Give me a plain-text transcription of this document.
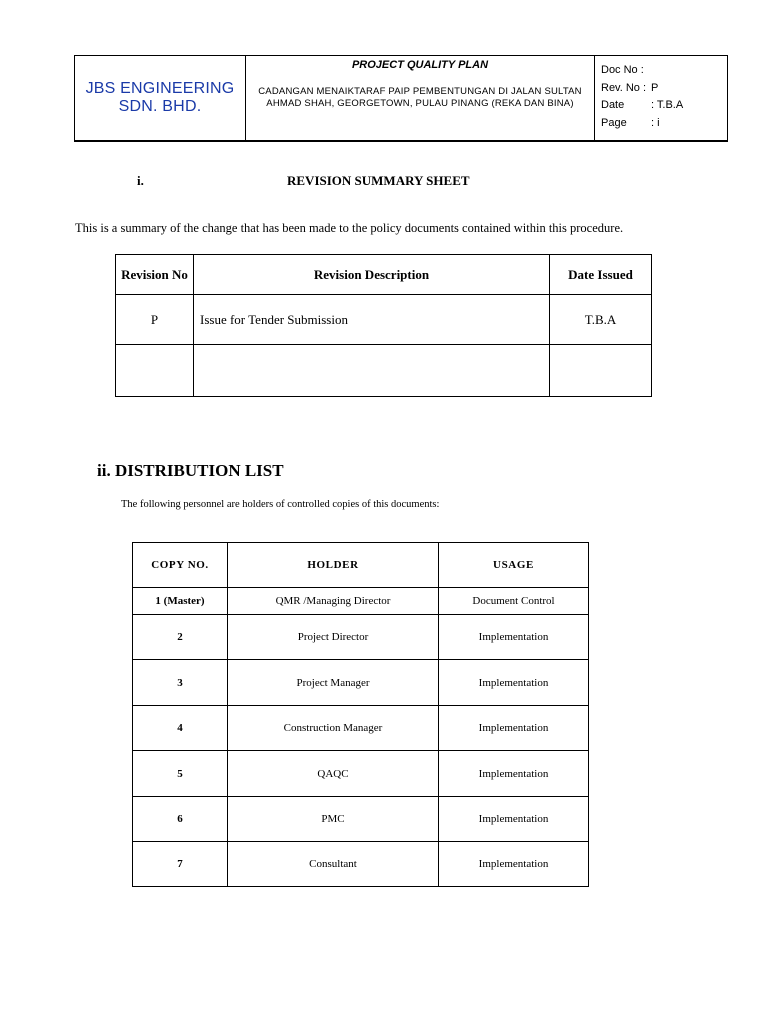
JBS ENGINEERING
SDN. BHD.
PROJECT QUALITY PLAN
CADANGAN MENAIKTARAF PAIP PEMBENTUNGAN DI JALAN SULTAN AHMAD SHAH, GEORGETOWN, PULAU PINANG (REKA DAN BINA)
Doc No :
Rev. No : P
Date	: T.B.A
Page	: i
i.	REVISION SUMMARY SHEET
This is a summary of the change that has been made to the policy documents contained within this procedure.
Revision No	Revision Description	Date Issued
P	Issue for Tender Submission	T.B.A

ii. DISTRIBUTION LIST
The following personnel are holders of controlled copies of this documents:
COPY NO.	HOLDER	USAGE
1 (Master)	QMR /Managing Director	Document Control
2	Project Director	Implementation
3	Project Manager	Implementation
4	Construction Manager	Implementation
5	QAQC	Implementation
6	PMC	Implementation
7	Consultant	Implementation
